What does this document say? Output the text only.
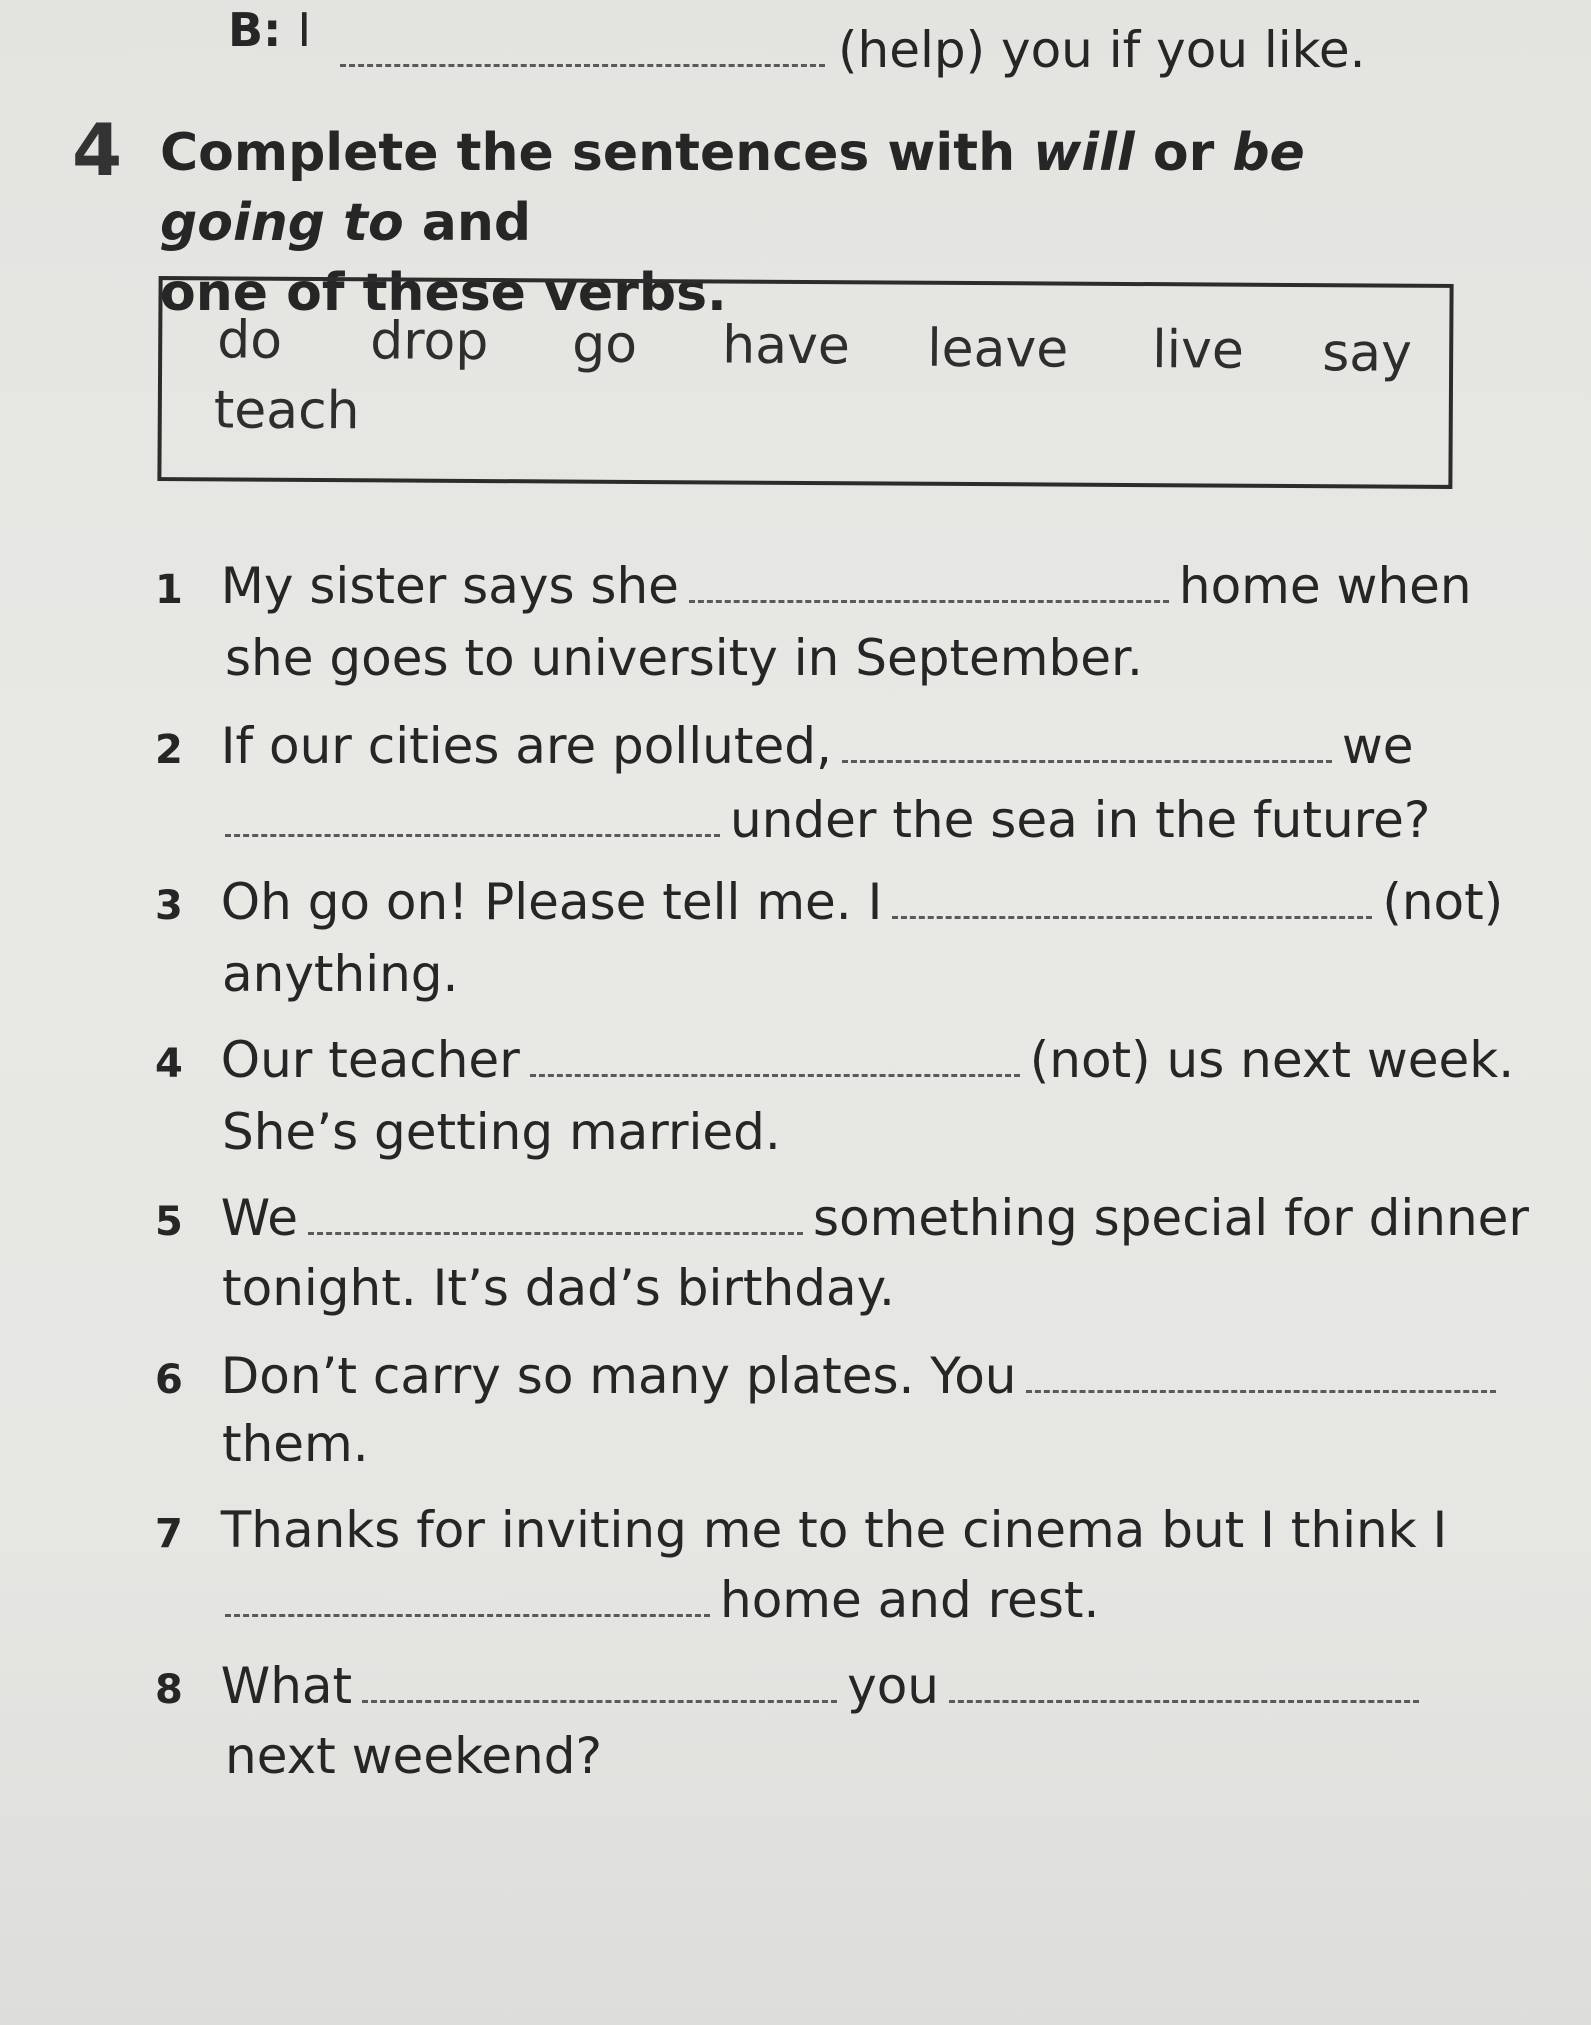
B: I	(help) you if you like.
4 Complete the sentences with will or be going to and
one of these verbs.
do drop go have leave live say
teach
1 My sister says she	home when
she goes to university in September.
2 If our cities are polluted,	we
under the sea in the future?
3 Oh go on! Please tell me. I	(not)
anything.
4 Our teacher	(not) us next week.
She’s getting married.
5 We	something special for dinner
tonight. It’s dad’s birthday.
6 Don’t carry so many plates. You
them.
7 Thanks for inviting me to the cinema but I think I
home and rest.
8 What	you
next weekend?
